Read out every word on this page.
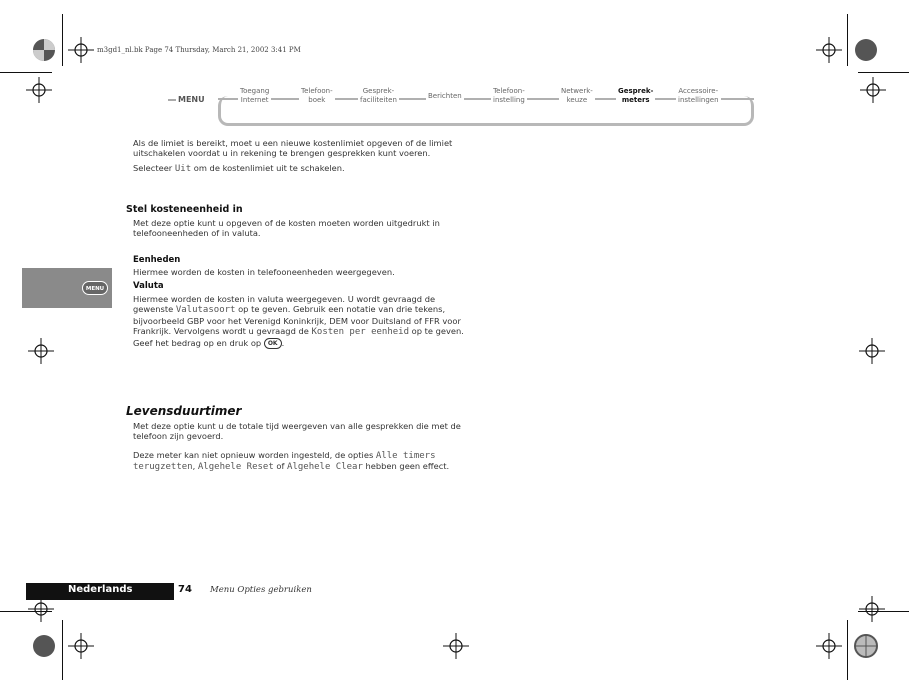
m3gd1_nl.bk Page 74 Thursday, March 21, 2002 3:41 PM
MENU
Toegang
Internet
Telefoon-
boek
Gesprek-
faciliteiten	Berichten
Telefoon-
instelling
Netwerk-
keuze
Gesprek-
meters
Accessoire-
instellingen
MENU

Als de limiet is bereikt, moet u een nieuwe kostenlimiet opgeven of de limiet uitschakelen voordat u in rekening te brengen gesprekken kunt voeren.

Selecteer Uit om de kostenlimiet uit te schakelen.

Stel kosteneenheid in
Met deze optie kunt u opgeven of de kosten moeten worden uitgedrukt in telefooneenheden of in valuta.
Eenheden
Hiermee worden de kosten in telefooneenheden weergegeven.
Valuta
Hiermee worden de kosten in valuta weergegeven. U wordt gevraagd de gewenste Valutasoort op te geven. Gebruik een notatie van drie tekens, bijvoorbeeld GBP voor het Verenigd Koninkrijk, DEM voor Duitsland of FFR voor Frankrijk. Vervolgens wordt u gevraagd de Kosten per eenheid op te geven. Geef het bedrag op en druk op OK .
Levensduurtimer
Met deze optie kunt u de totale tijd weergeven van alle gesprekken die met de telefoon zijn gevoerd.
Deze meter kan niet opnieuw worden ingesteld, de opties Alle timers terugzetten, Algehele Reset of Algehele Clear hebben geen effect.
Nederlands	74 Menu Opties gebruiken
